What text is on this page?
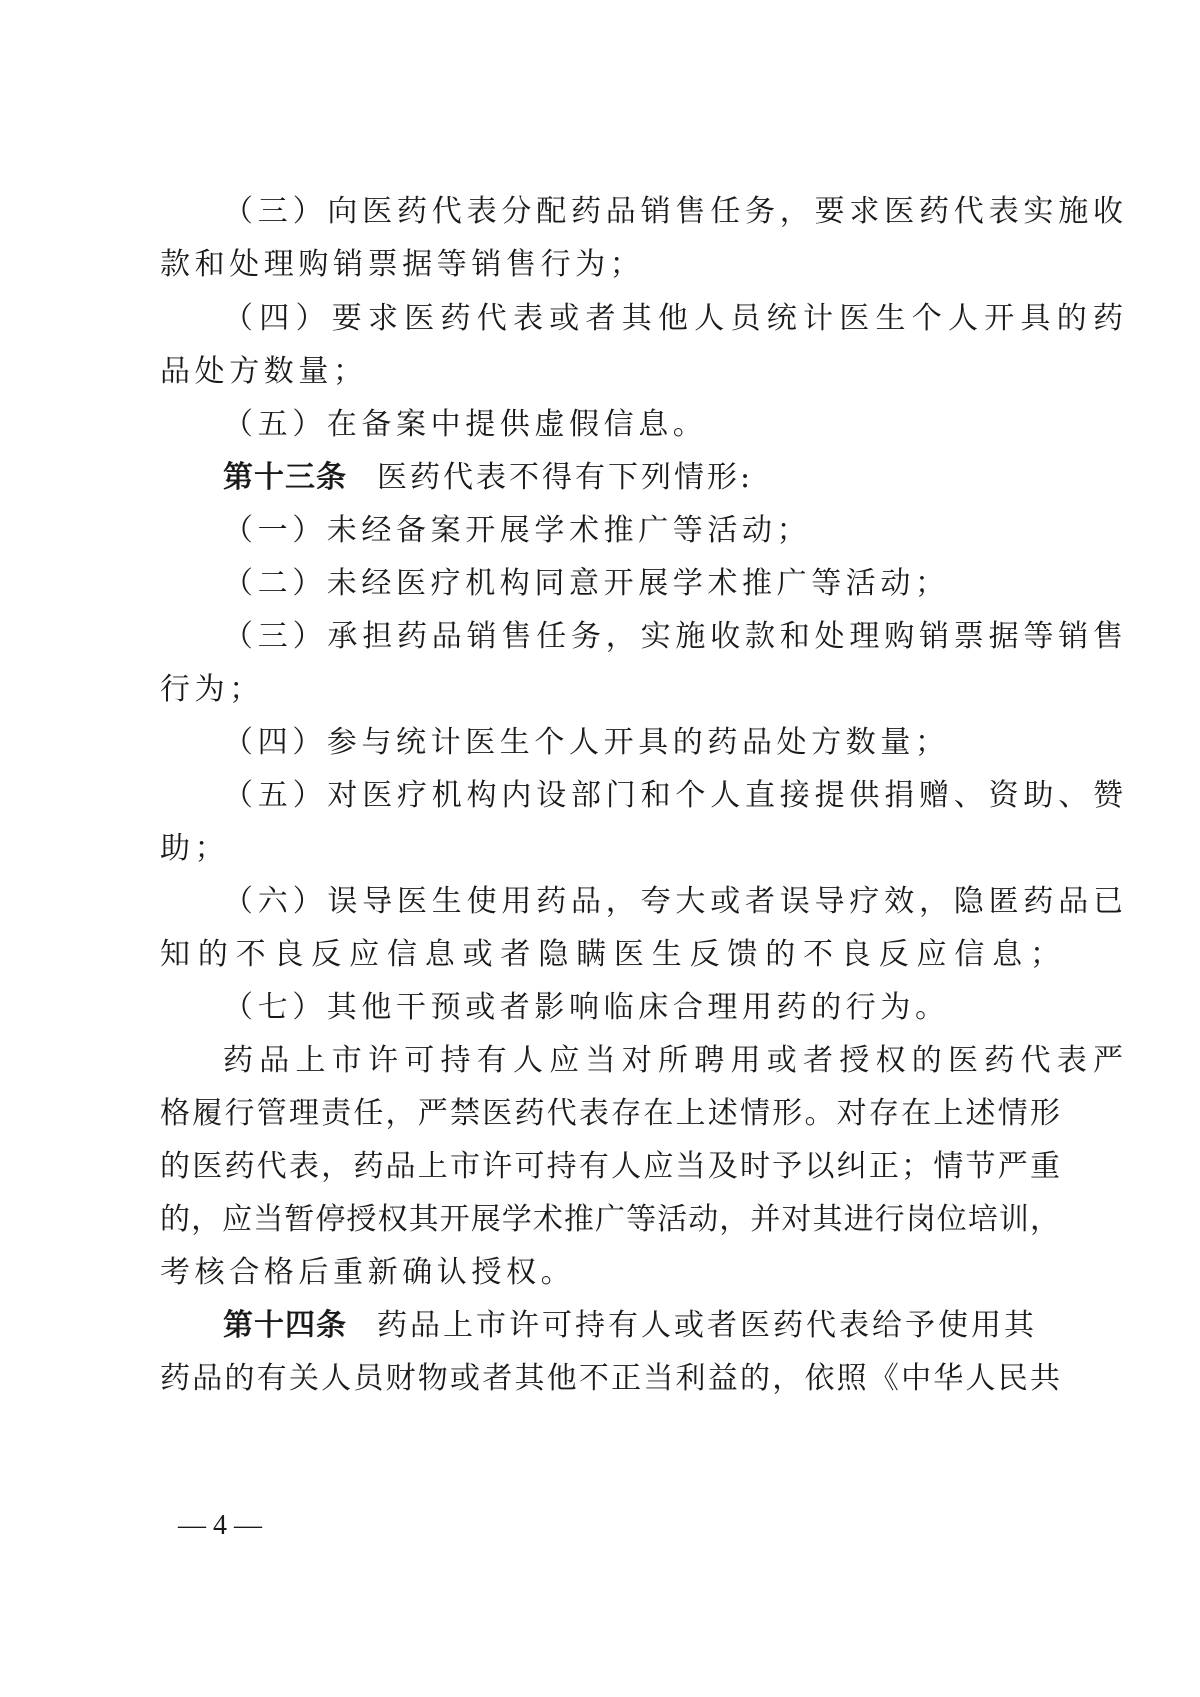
（三）向医药代表分配药品销售任务，要求医药代表实施收

款和处理购销票据等销售行为；

（四）要求医药代表或者其他人员统计医生个人开具的药

品处方数量；

（五）在备案中提供虚假信息。

第十三条 医药代表不得有下列情形:

（一）未经备案开展学术推广等活动；

（二）未经医疗机构同意开展学术推广等活动；

（三）承担药品销售任务，实施收款和处理购销票据等销售

行为；

（四）参与统计医生个人开具的药品处方数量；

（五）对医疗机构内设部门和个人直接提供捐赠、资助、赞

助；

（六）误导医生使用药品，夸大或者误导疗效，隐匿药品已

知的不良反应信息或者隐瞒医生反馈的不良反应信息；

（七）其他干预或者影响临床合理用药的行为。

药品上市许可持有人应当对所聘用或者授权的医药代表严

格履行管理责任，严禁医药代表存在上述情形。对存在上述情形

的医药代表，药品上市许可持有人应当及时予以纠正；情节严重

的，应当暂停授权其开展学术推广等活动，并对其进行岗位培训，

考核合格后重新确认授权。

第十四条 药品上市许可持有人或者医药代表给予使用其

药品的有关人员财物或者其他不正当利益的，依照《中华人民共

— 4 —
